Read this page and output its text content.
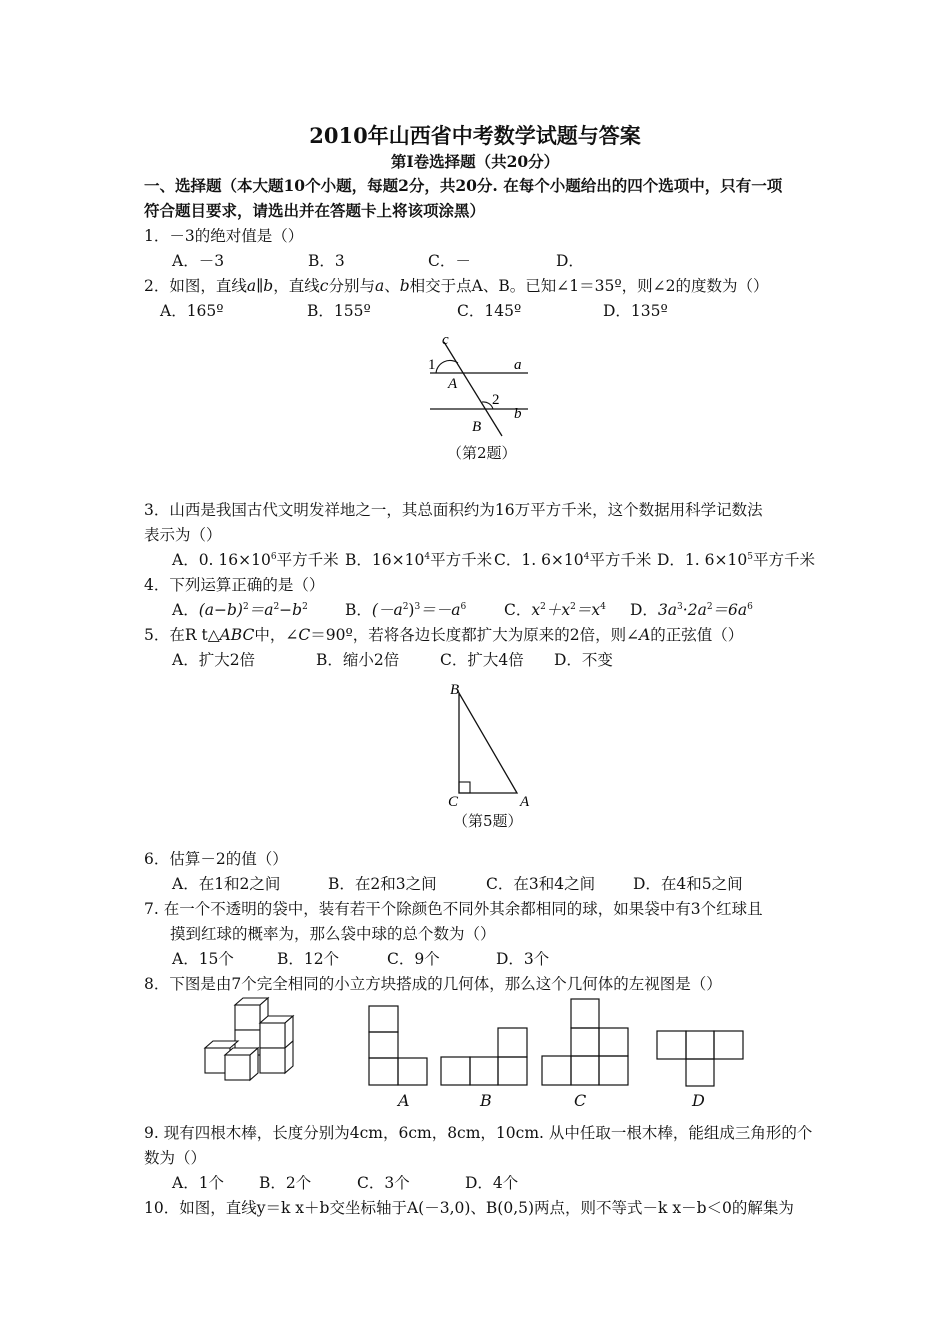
2010年山西省中考数学试题与答案
第Ⅰ卷选择题（共20分）
一、选择题（本大题10个小题，每题2分，共20分. 在每个小题给出的四个选项中，只有一项
符合题目要求，请选出并在答题卡上将该项涂黑）
1．－3的绝对值是（）
A．－3	B．3	C．－	D．
2．如图，直线a∥b，直线c分别与a、b相交于点A、B。已知∠1＝35º，则∠2的度数为（）
A．165º	B．155º	C．145º	D．135º
c
a
b
1
2
A
B
（第2题）
3．山西是我国古代文明发祥地之一，其总面积约为16万平方千米，这个数据用科学记数法
表示为（）
A．0. $16\times 10^6$平方千米 B．$16\times 10^4$平方千米 C．1. $6\times 10^4$平方千米 D．1. $6\times 10^5$平方千米
4．下列运算正确的是（）
A．$(a-b)^2=a^2-b^2$ B．$(-a^2)^3=-a^6$ C．$x^2+x^2=x^4$ D．$3a^3\cdot 2a^2=6a^6$
5．在R t△ABC中，∠C＝90º，若将各边长度都扩大为原来的2倍，则∠A的正弦值（）
A．扩大2倍	B．缩小2倍	C．扩大4倍 D．不变
B
C	A
（第5题）
6．估算－2的值（）
A．在1和2之间	B．在2和3之间	C．在3和4之间 D．在4和5之间
7. 在一个不透明的袋中，装有若干个除颜色不同外其余都相同的球，如果袋中有3个红球且
摸到红球的概率为，那么袋中球的总个数为（）
A．15个	B．12个	C．9个	D．3个
8．下图是由7个完全相同的小立方块搭成的几何体，那么这个几何体的左视图是（）
A	B	C	D
9. 现有四根木棒，长度分别为4cm，6cm，8cm，10cm. 从中任取一根木棒，能组成三角形的个
数为（）
A．1个 B．2个	C．3个	D．4个
10．如图，直线y＝k x＋b交坐标轴于A(－3,0)、B(0,5)两点，则不等式－k x－b＜0的解集为
